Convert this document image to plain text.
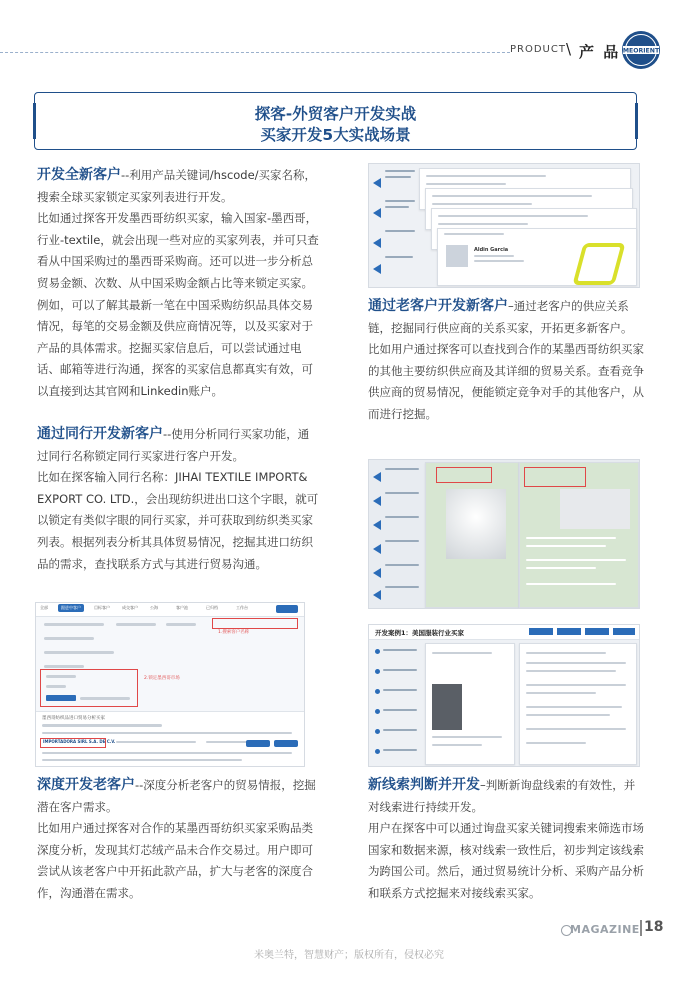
PRODUCT \ 产 品 MEORIENT
探客-外贸客户开发实战
买家开发5大实战场景

开发全新客户--利用产品关键词/hscode/买家名称，搜索全球买家锁定买家列表进行开发。

比如通过探客开发墨西哥纺织买家，输入国家-墨西哥，行业-textile，就会出现一些对应的买家列表，并可只查看从中国采购过的墨西哥采购商。还可以进一步分析总贸易金额、次数、从中国采购金额占比等来锁定买家。例如，可以了解其最新一笔在中国采购纺织品具体交易情况，每笔的交易金额及供应商情况等，以及买家对于产品的具体需求。挖掘买家信息后，可以尝试通过电话、邮箱等进行沟通，探客的买家信息都真实有效，可以直接到达其官网和Linkedin账户。

通过同行开发新客户--使用分析同行买家功能，通过同行名称锁定同行买家进行客户开发。

比如在探客输入同行名称：JIHAI TEXTILE IMPORT& EXPORT CO. LTD.，会出现纺织进出口这个字眼，就可以锁定有类似字眼的同行买家，并可获取到纺织类买家列表。根据列表分析其具体贸易情况，挖掘其进口纺织品的需求，查找联系方式与其进行贸易沟通。

深度开发老客户--深度分析老客户的贸易情报，挖掘潜在客户需求。

比如用户通过探客对合作的某墨西哥纺织买家采购品类深度分析，发现其灯芯绒产品未合作交易过。用户即可尝试从该老客户中开拓此款产品，扩大与老客的深度合作，沟通潜在需求。

通过老客户开发新客户–通过老客户的供应关系链，挖掘同行供应商的关系买家，开拓更多新客户。

比如用户通过探客可以查找到合作的某墨西哥纺织买家的其他主要纺织供应商及其详细的贸易关系。查看竞争供应商的贸易情况，便能锁定竞争对手的其他客户，从而进行挖掘。

新线索判断并开发–判断新询盘线索的有效性，并对线索进行持续开发。

用户在探客中可以通过询盘买家关键词搜索来筛选市场国家和数据来源，核对线索一致性后，初步判定该线索为跨国公司。然后，通过贸易统计分析、采购产品分析和联系方式挖掘来对接线索买家。

全部	跟进中客户	目标客户	成交客户	公海	客户池	已归档	工作台
1.搜索客户名称
2.锁定墨西哥市场
墨西哥纺织品进口贸易分析买家
IMPORTADORA SIRL S.A. DE C.V.
Aldin Garcia
开发案例1：美国服装行业买家
MAGAZINE 18
米奥兰特，智慧财产；版权所有，侵权必究
